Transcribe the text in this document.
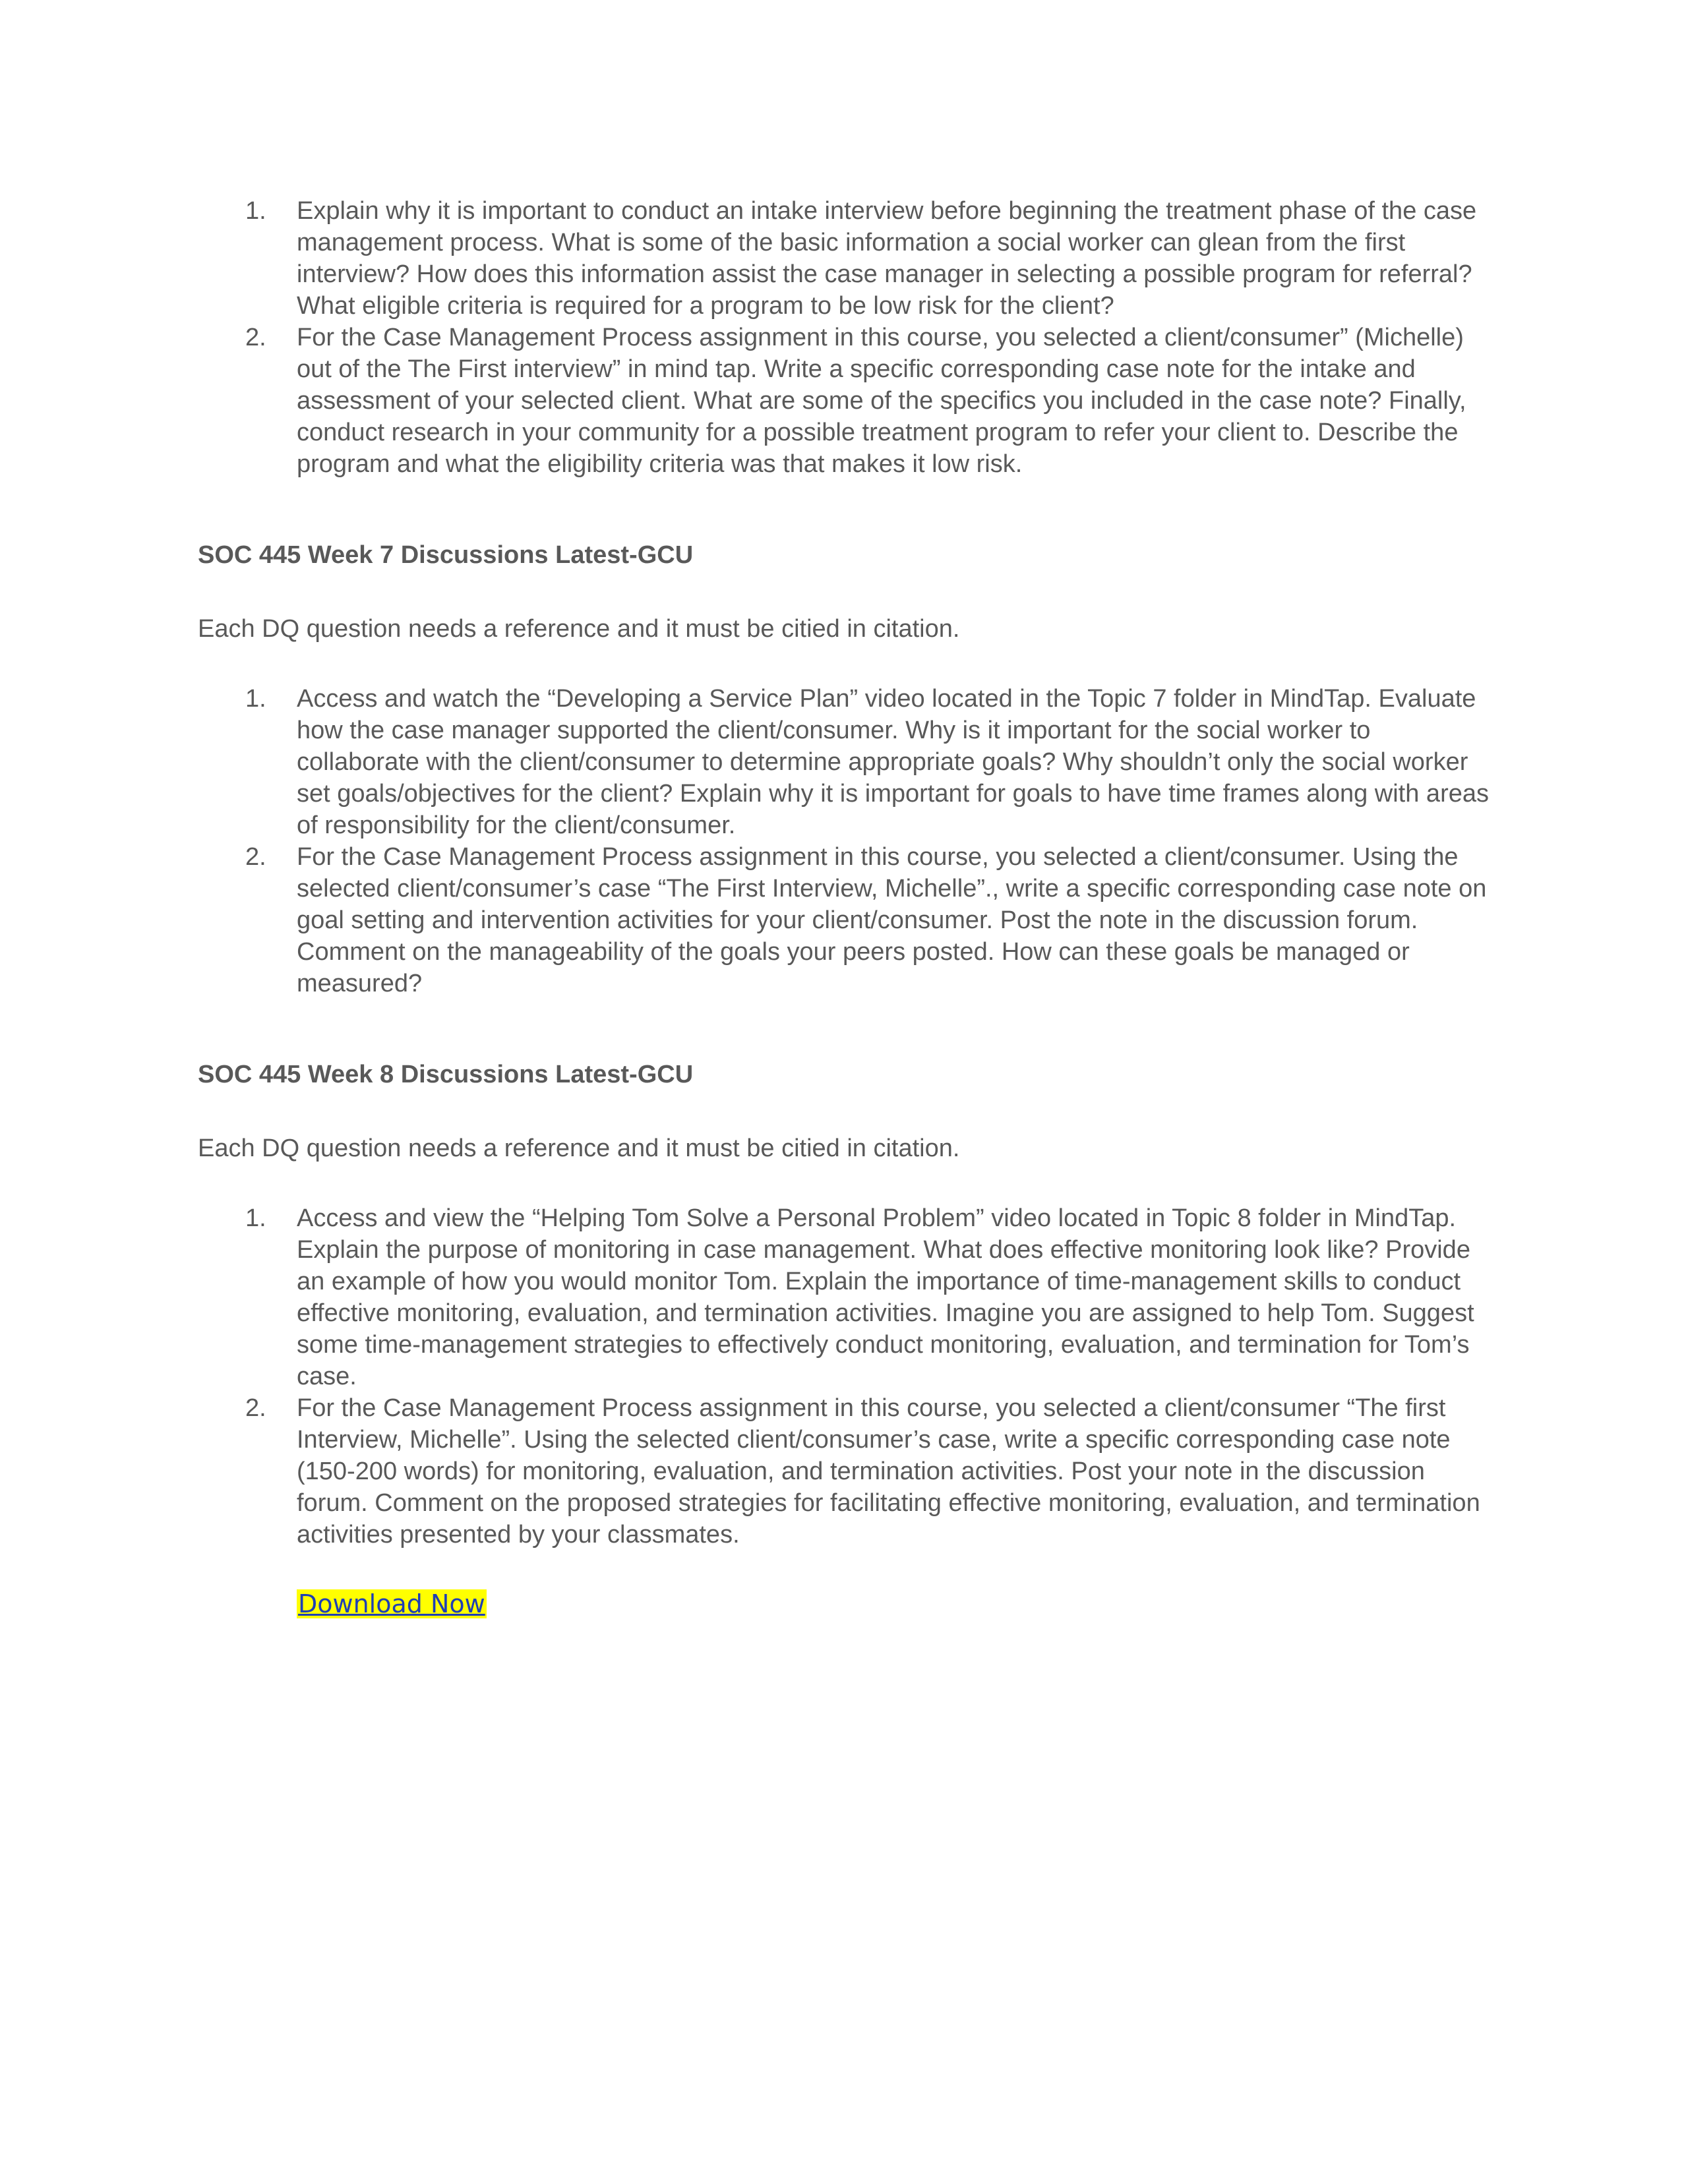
1.	Explain why it is important to conduct an intake interview before beginning the treatment phase of the case management process. What is some of the basic information a social worker can glean from the first interview? How does this information assist the case manager in selecting a possible program for referral? What eligible criteria is required for a program to be low risk for the client?
2.	For the Case Management Process assignment in this course, you selected a client/consumer” (Michelle) out of the The First interview” in mind tap. Write a specific corresponding case note for the intake and assessment of your selected client. What are some of the specifics you included in the case note? Finally, conduct research in your community for a possible treatment program to refer your client to. Describe the program and what the eligibility criteria was that makes it low risk.
SOC 445 Week 7 Discussions Latest-GCU

Each DQ question needs a reference and it must be citied in citation.

1.	Access and watch the “Developing a Service Plan” video located in the Topic 7 folder in MindTap. Evaluate how the case manager supported the client/consumer. Why is it important for the social worker to collaborate with the client/consumer to determine appropriate goals? Why shouldn’t only the social worker set goals/objectives for the client? Explain why it is important for goals to have time frames along with areas of responsibility for the client/consumer.
2.	For the Case Management Process assignment in this course, you selected a client/consumer. Using the selected client/consumer’s case “The First Interview, Michelle”., write a specific corresponding case note on goal setting and intervention activities for your client/consumer. Post the note in the discussion forum. Comment on the manageability of the goals your peers posted. How can these goals be managed or measured?
SOC 445 Week 8 Discussions Latest-GCU

Each DQ question needs a reference and it must be citied in citation.

1.	Access and view the “Helping Tom Solve a Personal Problem” video located in Topic 8 folder in MindTap. Explain the purpose of monitoring in case management. What does effective monitoring look like? Provide an example of how you would monitor Tom. Explain the importance of time-management skills to conduct effective monitoring, evaluation, and termination activities. Imagine you are assigned to help Tom. Suggest some time-management strategies to effectively conduct monitoring, evaluation, and termination for Tom’s case.
2.	For the Case Management Process assignment in this course, you selected a client/consumer “The first Interview, Michelle”. Using the selected client/consumer’s case, write a specific corresponding case note (150-200 words) for monitoring, evaluation, and termination activities. Post your note in the discussion forum. Comment on the proposed strategies for facilitating effective monitoring, evaluation, and termination activities presented by your classmates.
Download Now
